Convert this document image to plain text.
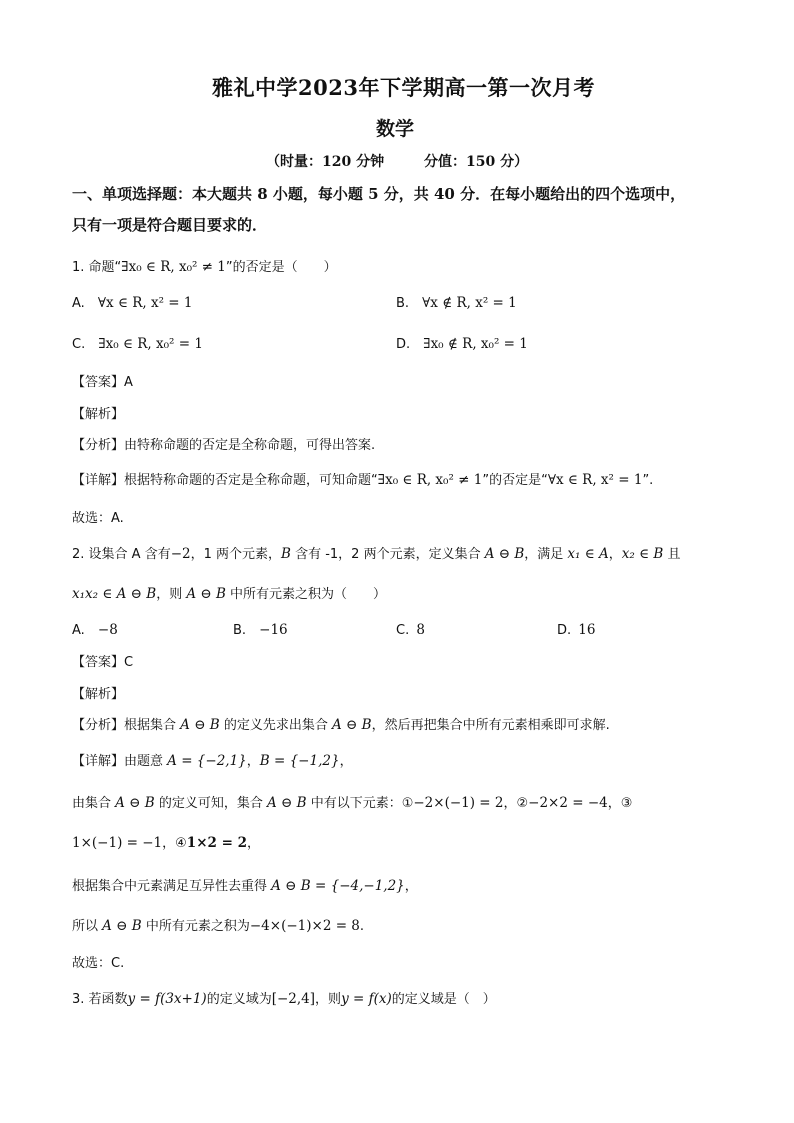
雅礼中学2023年下学期高一第一次月考
数学
（时量：120 分钟	分值：150 分）
一、单项选择题：本大题共 8 小题，每小题 5 分，共 40 分．在每小题给出的四个选项中，
只有一项是符合题目要求的．
1. 命题“∃x₀ ∈ R, x₀² ≠ 1”的否定是（　　）
A. ∀x ∈ R, x² = 1	B. ∀x ∉ R, x² = 1
C. ∃x₀ ∈ R, x₀² = 1	D. ∃x₀ ∉ R, x₀² = 1
【答案】A
【解析】
【分析】由特称命题的否定是全称命题，可得出答案.
【详解】根据特称命题的否定是全称命题，可知命题“∃x₀ ∈ R, x₀² ≠ 1”的否定是“∀x ∈ R, x² = 1”.
故选：A.
2. 设集合 A 含有−2，1 两个元素，B 含有 -1，2 两个元素，定义集合 A ⊖ B，满足 x₁ ∈ A，x₂ ∈ B 且
x₁x₂ ∈ A ⊖ B，则 A ⊖ B 中所有元素之积为（　　）
A. −8	B. −16	C. 8	D. 16
【答案】C
【解析】
【分析】根据集合 A ⊖ B 的定义先求出集合 A ⊖ B，然后再把集合中所有元素相乘即可求解.
【详解】由题意 A = {−2,1}，B = {−1,2}，
由集合 A ⊖ B 的定义可知，集合 A ⊖ B 中有以下元素：①−2×(−1) = 2，②−2×2 = −4，③
1×(−1) = −1，④1×2 = 2，
根据集合中元素满足互异性去重得 A ⊖ B = {−4,−1,2}，
所以 A ⊖ B 中所有元素之积为−4×(−1)×2 = 8.
故选：C.
3. 若函数y = f(3x+1)的定义域为[−2,4]，则y = f(x)的定义域是（　）
